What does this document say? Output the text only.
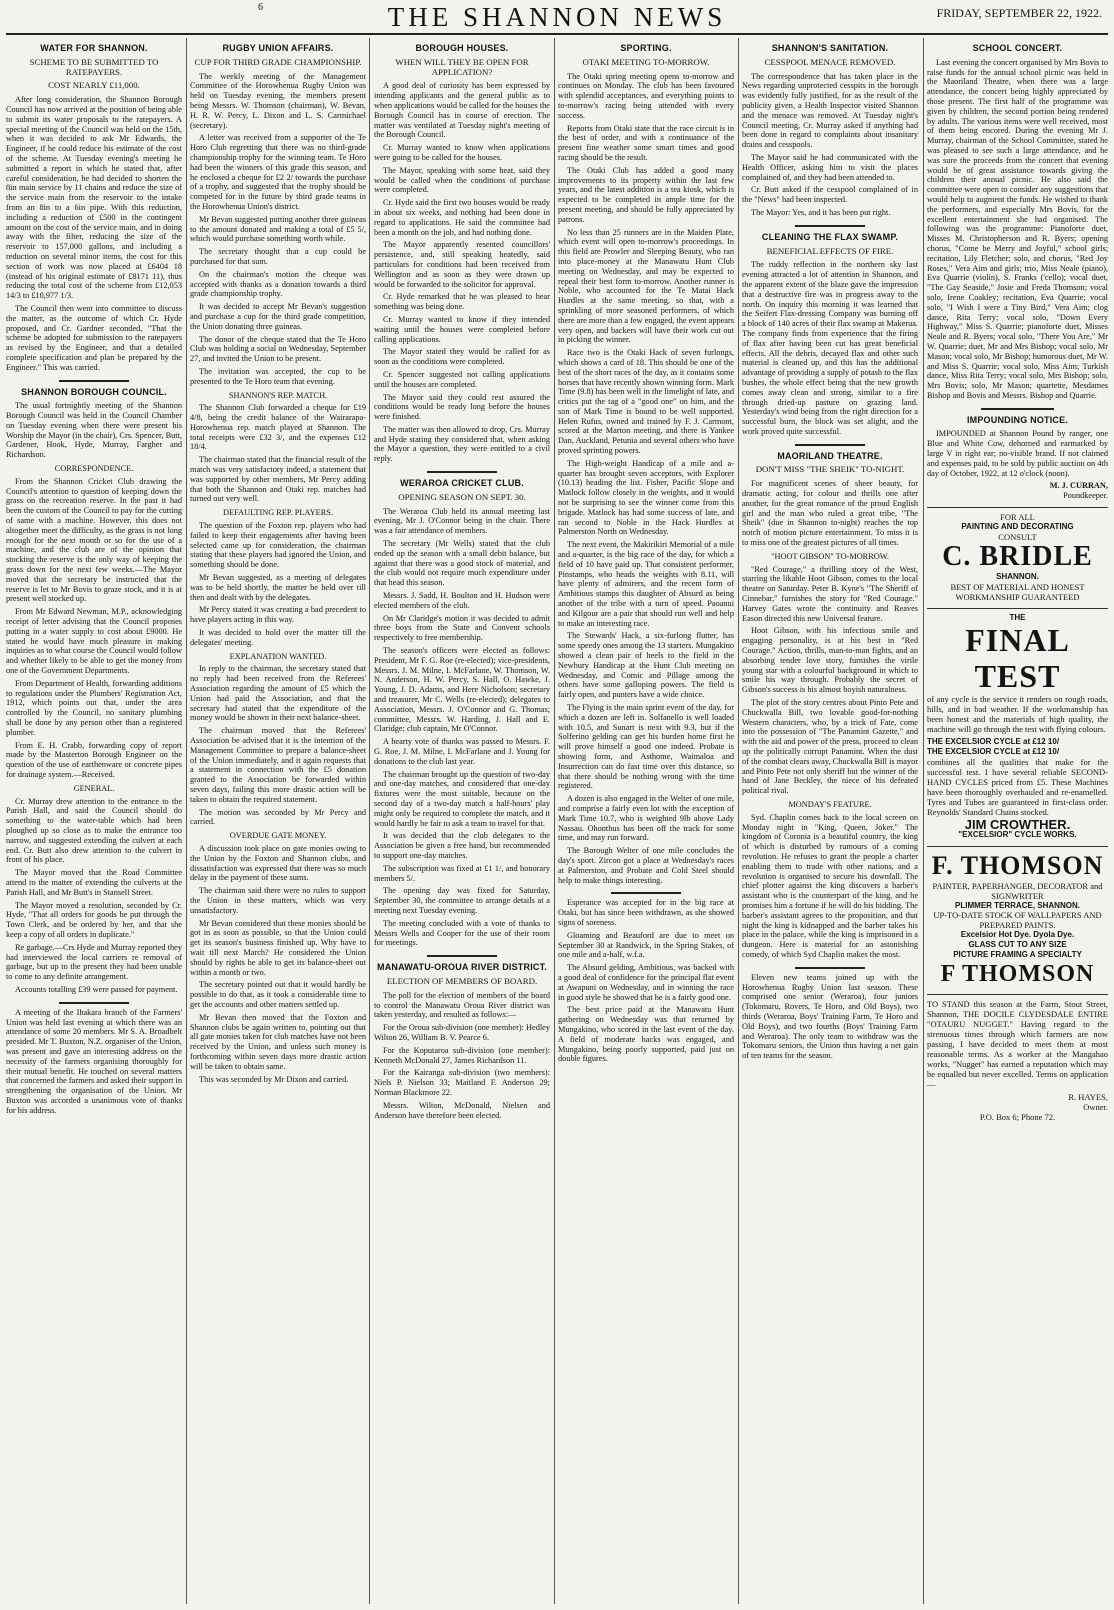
6	THE SHANNON NEWS	FRIDAY, SEPTEMBER 22, 1922.
WATER FOR SHANNON.
SCHEME TO BE SUBMITTED TO RATEPAYERS.
COST NEARLY £11,000.

After long consideration, the Shannon Borough Council has now arrived at the position of being able to submit its water proposals to the ratepayers. A special meeting of the Council was held on the 15th, when it was decided to ask Mr Edwards, the Engineer, if he could reduce his estimate of the cost of the scheme. At Tuesday evening's meeting he submitted a report in which he stated that, after careful consideration, he had decided to shorten the 8in main service by 11 chains and reduce the size of the service main from the reservoir to the intake from an 8in to a 6in pipe. With this reduction, including a reduction of £500 in the contingent amount on the cost of the service main, and in doing away with the filter, reducing the size of the reservoir to 157,000 gallons, and including a reduction on several minor items, the cost for this section of work was now placed at £6404 18 (instead of his original estimate of £8171 11), thus reducing the total cost of the scheme from £12,053 14/3 to £10,977 1/3.

The Council then went into committee to discuss the matter, as the outcome of which Cr. Hyde proposed, and Cr. Gardner seconded, "That the scheme be adopted for submission to the ratepayers as revised by the Engineer, and that a detailed complete specification and plan be prepared by the Engineer." This was carried.

SHANNON BOROUGH COUNCIL.

The usual fortnightly meeting of the Shannon Borough Council was held in the Council Chamber on Tuesday evening when there were present his Worship the Mayor (in the chair), Crs. Spencer, Butt, Gardener, Hook, Hyde, Murray, Fargher and Richardson.

CORRESPONDENCE.

From the Shannon Cricket Club drawing the Council's attention to question of keeping down the grass on the recreation reserve. In the past it had been the custom of the Council to pay for the cutting of same with a machine. However, this does not altogether meet the difficulty, as the grass is not long enough for the next month or so for the use of a machine, and the club are of the opinion that stocking the reserve is the only way of keeping the grass down for the next few weeks.—The Mayor moved that the secretary be instructed that the reserve is let to Mr Bovis to graze stock, and it is at present well stocked up.

From Mr Edward Newman, M.P., acknowledging receipt of letter advising that the Council proposes putting in a water supply to cost about £9000. He stated he would have much pleasure in making inquiries as to what course the Council would follow and whether likely to be able to get the money from one of the Government Departments.

From Department of Health, forwarding additions to regulations under the Plumbers' Registration Act, 1912, which points out that, under the area controlled by the Council, no sanitary plumbing shall be done by any person other than a registered plumber.

From E. H. Crabb, forwarding copy of report made by the Masterton Borough Engineer on the question of the use of earthenware or concrete pipes for drainage system.—Received.

GENERAL.

Cr. Murray drew attention to the entrance to the Parish Hall, and said the Council should do something to the water-table which had been ploughed up so close as to make the entrance too narrow, and suggested extending the culvert at each end. Cr. Butt also drew attention to the culvert in front of his place.

The Mayor moved that the Road Committee attend to the matter of extending the culverts at the Parish Hall, and Mr Butt's in Stansell Street.

The Mayor moved a resolution, seconded by Cr. Hyde, "That all orders for goods be put through the Town Clerk, and be ordered by her, and that she keep a copy of all orders in duplicate."

Re garbage.—Crs Hyde and Murray reported they had interviewed the local carriers re removal of garbage, but up to the present they had been unable to come to any definite arrangement.

Accounts totalling £39 were passed for payment.

A meeting of the Ihakara branch of the Farmers' Union was held last evening at which there was an attendance of some 20 members. Mr S. A. Broadbelt presided. Mr T. Buxton, N.Z. organiser of the Union, was present and gave an interesting address on the necessity of the farmers organising thoroughly for their mutual benefit. He touched on several matters that concerned the farmers and asked their support in strengthening the organisation of the Union. Mr Buxton was accorded a unanimous vote of thanks for his address.

RUGBY UNION AFFAIRS.
CUP FOR THIRD GRADE CHAMPIONSHIP.

The weekly meeting of the Management Committee of the Horowhenua Rugby Union was held on Tuesday evening, the members present being Messrs. W. Thomson (chairman), W. Bevan, H. R. W. Percy, L. Dixon and L. S. Carmichael (secretary).

A letter was received from a supporter of the Te Horo Club regretting that there was no third-grade championship trophy for the winning team. Te Horo had been the winners of this grade this season, and he enclosed a cheque for £2 2/ towards the purchase of a trophy, and suggested that the trophy should be competed for in the future by third grade teams in the Horowhenua Union's district.

Mr Bevan suggested putting another three guineas to the amount donated and making a total of £5 5/, which would purchase something worth while.

The secretary thought that a cup could be purchased for that sum.

On the chairman's motion the cheque was accepted with thanks as a donation towards a third grade championship trophy.

It was decided to accept Mr Bevan's suggestion and purchase a cup for the third grade competition, the Union donating three guineas.

The donor of the cheque stated that the Te Horo Club was holding a social on Wednesday, September 27, and invited the Union to be present.

The invitation was accepted, the cup to be presented to the Te Horo team that evening.

SHANNON'S REP. MATCH.

The Shannon Club forwarded a cheque for £19 4/8, being the credit balance of the Wairarapa-Horowhenua rep. match played at Shannon. The total receipts were £32 3/, and the expenses £12 18/4.

The chairman stated that the financial result of the match was very satisfactory indeed, a statement that was supported by other members, Mr Percy adding that both the Shannon and Otaki rep. matches had turned out very well.

DEFAULTING REP. PLAYERS.

The question of the Foxton rep. players who had failed to keep their engagements after having been selected came up for consideration, the chairman stating that these players had ignored the Union, and something should be done.

Mr Bevan suggested, as a meeting of delegates was to be held shortly, the matter be held over till then and dealt with by the delegates.

Mr Percy stated it was creating a bad precedent to have players acting in this way.

It was decided to hold over the matter till the delegates' meeting.

EXPLANATION WANTED.

In reply to the chairman, the secretary stated that no reply had been received from the Referees' Association regarding the amount of £5 which the Union had paid the Association, and that the secretary had stated that the expenditure of the money would be shown in their next balance-sheet.

The chairman moved that the Referees' Association be advised that it is the intention of the Management Committee to prepare a balance-sheet of the Union immediately, and it again requests that a statement in connection with the £5 donation granted to the Association be forwarded within seven days, failing this more drastic action will be taken to obtain the required statement.

The motion was seconded by Mr Percy and carried.

OVERDUE GATE MONEY.

A discussion took place on gate monies owing to the Union by the Foxton and Shannon clubs, and dissatisfaction was expressed that there was so much delay in the payment of these sums.

The chairman said there were no rules to support the Union in these matters, which was very unsatisfactory.

Mr Bevan considered that these monies should be got in as soon as possible, so that the Union could get its season's business finished up. Why have to wait till next March? He considered the Union should by rights be able to get its balance-sheet out within a month or two.

The secretary pointed out that it would hardly be possible to do that, as it took a considerable time to get the accounts and other matters settled up.

Mr Bevan then moved that the Foxton and Shannon clubs be again written to, pointing out that all gate monies taken for club matches have not been received by the Union, and unless such money is forthcoming within seven days more drastic action will be taken to obtain same.

This was seconded by Mr Dixon and carried.

BOROUGH HOUSES.
WHEN WILL THEY BE OPEN FOR APPLICATION?

A good deal of curiosity has been expressed by intending applicants and the general public as to when applications would be called for the houses the Borough Council has in course of erection. The matter was ventilated at Tuesday night's meeting of the Borough Council.

Cr. Murray wanted to know when applications were going to be called for the houses.

The Mayor, speaking with some heat, said they would be called when the conditions of purchase were completed.

Cr. Hyde said the first two houses would be ready in about six weeks, and nothing had been done in regard to applications. He said the committee had been a month on the job, and had nothing done.

The Mayor apparently resented councillors' persistence, and, still speaking heatedly, said particulars for conditions had been received from Wellington and as soon as they were drawn up would be forwarded to the solicitor for approval.

Cr. Hyde remarked that he was pleased to hear something was being done.

Cr. Murray wanted to know if they intended waiting until the houses were completed before calling applications.

The Mayor stated they would be called for as soon as the conditions were completed.

Cr. Spencer suggested not calling applications until the houses are completed.

The Mayor said they could rest assured the conditions would be ready long before the houses were finished.

The matter was then allowed to drop, Crs. Murray and Hyde stating they considered that, when asking the Mayor a question, they were entitled to a civil reply.

WERAROA CRICKET CLUB.
OPENING SEASON ON SEPT. 30.

The Weraroa Club held its annual meeting last evening, Mr J. O'Connor being in the chair. There was a fair attendance of members.

The secretary (Mr Wells) stated that the club ended up the season with a small debit balance, but against that there was a good stock of material, and the club would not require much expenditure under that head this season.

Messrs. J. Sadd, H. Boulton and H. Hudson were elected members of the club.

On Mr Claridge's motion it was decided to admit three boys from the State and Convent schools respectively to free membership.

The season's officers were elected as follows: President, Mr F. G. Roe (re-elected); vice-presidents, Messrs. J. M. Milne, I. McFarlane, W. Thomson, W. N. Anderson, H. W. Percy, S. Hall, O. Hawke, J. Young, J. D. Adams, and Here Nicholson; secretary and treasurer, Mr C. Wells (re-elected); delegates to Association, Messrs. J. O'Connor and G. Thomas; committee, Messrs. W. Harding, J. Hall and E. Claridge; club captain, Mr O'Connor.

A hearty vote of thanks was passed to Messrs. F. G. Roe, J. M. Milne, I. McFarlane and J. Young for donations to the club last year.

The chairman brought up the question of two-day and one-day matches, and considered that one-day fixtures were the most suitable, because on the second day of a two-day match a half-hours' play might only be required to complete the match, and it would hardly be fair to ask a team to travel for that.

It was decided that the club delegates to the Association be given a free hand, but recommended to support one-day matches.

The subscription was fixed at £1 1/, and honorary members 5/.

The opening day was fixed for Saturday, September 30, the committee to arrange details at a meeting next Tuesday evening.

The meeting concluded with a vote of thanks to Messrs Wells and Cooper for the use of their room for meetings.

MANAWATU-OROUA RIVER DISTRICT.
ELECTION OF MEMBERS OF BOARD.

The poll for the election of members of the board to control the Manawatu Oroua River district was taken yesterday, and resulted as follows:—

For the Oroua sub-division (one member): Hedley Wilton 26, William B. V. Pearce 6.

For the Koputaroa sub-division (one member): Kenneth McDonald 27, James Richardson 11.

For the Kairanga sub-division (two members): Niels P. Nielson 33; Maitland F. Anderson 29; Norman Blackmore 22.

Messrs. Wilton, McDonald, Nielsen and Anderson have therefore been elected.

SPORTING.
OTAKI MEETING TO-MORROW.

The Otaki spring meeting opens to-morrow and continues on Monday. The club has been favoured with splendid acceptances, and everything points to to-morrow's racing being attended with every success.

Reports from Otaki state that the race circuit is in the best of order, and with a continuance of the present fine weather some smart times and good racing should be the result.

The Otaki Club has added a good many improvements to its property within the last few years, and the latest addition is a tea kiosk, which is expected to be completed in ample time for the present meeting, and should be fully appreciated by patrons.

No less than 25 runners are in the Maiden Plate, which event will open to-morrow's proceedings. In this field are Prowler and Sleeping Beauty, who ran into place-money at the Manawatu Hunt Club meeting on Wednesday, and may be expected to repeal their best form to-morrow. Another runner is Noble, who accounted for the Te Matai Hack Hurdles at the same meeting, so that, with a sprinkling of more seasoned performers, of which there are more than a few engaged, the event appears very open, and backers will have their work cut out in picking the winner.

Race two is the Otaki Hack of seven furlongs, which shows a card of 18. This should be one of the best of the short races of the day, as it contains some horses that have recently shown winning form. Mark Time (9.8) has been well in the limelight of late, and critics put the tag of a "good one" on him, and the son of Mark Time is bound to be well supported. Helen Rufus, owned and trained by F. J. Carmont, scored at the Marton meeting, and there is Yankee Dan, Auckland, Petunia and several others who have proved sprinting powers.

The High-weight Handicap of a mile and a-quarter has brought seven acceptors, with Explorer (10.13) heading the list. Fisher, Pacific Slope and Matlock follow closely in the weights, and it would not be surprising to see the winner come from this brigade. Matlock has had some success of late, and ran second to Noble in the Hack Hurdles at Palmerston North on Wednesday.

The next event, the Makirikiri Memorial of a mile and a-quarter, is the big race of the day, for which a field of 10 have paid up. That consistent performer, Pinstamps, who heads the weights with 8.11, will have plenty of admirers, and the recent form of Ambitious stamps this daughter of Absurd as being another of the tribe with a turn of speed. Paoanui and Kilgour are a pair that should run well and help to make an interesting race.

The Stewards' Hack, a six-furlong flutter, has some speedy ones among the 13 starters. Mungakino showed a clean pair of heels to the field in the Newbury Handicap at the Hunt Club meeting on Wednesday, and Comic and Pillage among the others have some galloping powers. The field is fairly open, and punters have a wide choice.

The Flying is the main sprint event of the day, for which a dozen are left in. Solfanello is well loaded with 10.5, and Sunart is next with 9.3, but if the Solferino gelding can get his burden home first he will prove himself a good one indeed. Probate is showing form, and Asthome, Waimaloa and Insurrection can do fast time over this distance, so that there should be nothing wrong with the time registered.

A dozen is also engaged in the Welter of one mile, and comprise a fairly even lot with the exception of Mark Time 10.7, who is weighted 9lb above Lady Nassau. Ohonthus has been off the track for some time, and may run forward.

The Borough Welter of one mile concludes the day's sport. Zircon got a place at Wednesday's races at Palmerston, and Probate and Cold Steel should help to make things interesting.

Esperance was accepted for in the big race at Otaki, but has since been withdrawn, as she showed signs of soreness.

Gloaming and Beauford are due to meet on September 30 at Randwick, in the Spring Stakes, of one mile and a-half, w.f.a.

The Absurd gelding, Ambitious, was backed with a good deal of confidence for the principal flat event at Awapuni on Wednesday, and in winning the race in good style he showed that he is a fairly good one.

The best price paid at the Manawatu Hunt gathering on Wednesday was that returned by Mungakino, who scored in the last event of the day. A field of moderate hacks was engaged, and Mungakino, being poorly supported, paid just on double figures.

SHANNON'S SANITATION.
CESSPOOL MENACE REMOVED.

The correspondence that has taken place in the News regarding unprotected cesspits in the borough was evidently fully justified, for as the result of the publicity given, a Health Inspector visited Shannon and the menace was removed. At Tuesday night's Council meeting, Cr. Murray asked if anything had been done in regard to complaints about insanitary drains and cesspools.

The Mayor said he had communicated with the Health Officer, asking him to visit the places complained of, and they had been attended to.

Cr. Butt asked if the cesspool complained of in the "News" had been inspected.

The Mayor: Yes, and it has been put right.

CLEANING THE FLAX SWAMP.
BENEFICIAL EFFECTS OF FIRE.

The ruddy reflection in the northern sky last evening attracted a lot of attention in Shannon, and the apparent extent of the blaze gave the impression that a destructive fire was in progress away to the north. On inquiry this morning it was learned that the Seifert Flax-dressing Company was burning off a block of 140 acres of their flax swamp at Makerua. The company finds from experience that the firing of flax after having been cut has great beneficial effects. All the debris, decayed flax and other such material is cleaned up, and this has the additional advantage of providing a supply of potash to the flax bushes, the whole effect being that the new growth comes away clean and strong, similar to a fire through dried-up pasture on grazing land. Yesterday's wind being from the right direction for a successful burn, the block was set alight, and the work proved quite successful.

MAORILAND THEATRE.
DON'T MISS "THE SHEIK" TO-NIGHT.

For magnificent scenes of sheer beauty, for dramatic acting, for colour and thrills one after another, for the great romance of the proud English girl and the man who ruled a great tribe, "The Sheik" (due in Shannon to-night) reaches the top notch of motion picture entertainment. To miss it is to miss one of the greatest pictures of all times.

"HOOT GIBSON" TO-MORROW.

"Red Courage," a thrilling story of the West, starring the likable Hoot Gibson, comes to the local theatre on Saturday. Peter B. Kyne's "The Sheriff of Cinnebar," furnishes the story for "Red Courage." Harvey Gates wrote the continuity and Reaves Eason directed this new Universal feature.

Hoot Gibson, with his infectious smile and engaging personality, is at his best in "Red Courage." Action, thrills, man-to-man fights, and an absorbing tender love story, furnishes the virile young star with a colourful background in which to smile his way through. Probably the secret of Gibson's success is his almost boyish naturalness.

The plot of the story centres about Pinto Pete and Chuckwalla Bill, two lovable good-for-nothing Western characters, who, by a trick of Fate, come into the possession of "The Panamint Gazette," and with the aid and power of the press, proceed to clean up the politically corrupt Panamint. When the dust of the combat clears away, Chuckwalla Bill is mayor and Pinto Pete not only sheriff but the winner of the hand of Jane Beckley, the niece of his defeated political rival.

MONDAY'S FEATURE.

Syd. Chaplin comes back to the local screen on Monday night in "King, Queen, Joker." The kingdom of Coronia is a beautiful country, the king of which is disturbed by rumours of a coming revolution. He refuses to grant the people a charter enabling them to trade with other nations, and a revolution is organised to secure his downfall. The chief plotter against the king discovers a barber's assistant who is the counterpart of the king, and he promises him a fortune if he will do his bidding. The barber's assistant agrees to the proposition, and that night the king is kidnapped and the barber takes his place in the palace, while the king is imprisoned in a dungeon. Here is material for an astonishing comedy, of which Syd Chaplin makes the most.

Eleven new teams joined up with the Horowhenua Rugby Union last season. These comprised one senior (Weraroa), four juniors (Tokomaru, Rovers, Te Horo, and Old Boys), two thirds (Weraroa, Boys' Training Farm, Te Horo and Old Boys), and two fourths (Boys' Training Farm and Weraroa). The only team to withdraw was the Tokomaru seniors, the Union thus having a net gain of ten teams for the season.

SCHOOL CONCERT.

Last evening the concert organised by Mrs Bovis to raise funds for the annual school picnic was held in the Maoriland Theatre, when there was a large attendance, the concert being highly appreciated by those present. The first half of the programme was given by children, the second portion being rendered by adults. The various items were well received, most of them being encored. During the evening Mr J. Murray, chairman of the School Committee, stated he was pleased to see such a large attendance, and he was sure the proceeds from the concert that evening would be of great assistance towards giving the children their annual picnic. He also said the committee were open to consider any suggestions that would help to augment the funds. He wished to thank the performers, and especially Mrs Bovis, for the excellent entertainment she had organised. The following was the programme: Pianoforte duet, Misses M. Christopherson and R. Byers; opening chorus, "Come be Merry and Joyful," school girls; recitation, Lily Fletcher; solo, and chorus, "Red Joy Roses," Vera Aim and girls; trio, Miss Neale (piano), Eva Quarrie (violin), S. Franks ('cello); vocal duet, "The Gay Seaside," Josie and Freda Thomson; vocal solo, Irene Coakley; recitation, Eva Quarrie; vocal solo, "I Wish I were a Tiny Bird," Vera Aim; clog dance, Rita Terry; vocal solo, "Down Every Highway," Miss S. Quarrie; pianoforte duet, Misses Neale and R. Byers; vocal solo, "There You Are," Mr W. Quarrie; duet, Mr and Mrs Bishop; vocal solo, Mr Mason; vocal solo, Mr Bishop; humorous duet, Mr W. and Miss S. Quarrie; vocal solo, Miss Aim; Turkish dance, Miss Rita Terry; vocal solo, Mrs Bishop; solo, Mrs Bovis; solo, Mr Mason; quartette, Mesdames Bishop and Bovis and Messrs. Bishop and Quarrie.

IMPOUNDING NOTICE.

IMPOUNDED at Shannon Pound by ranger, one Blue and White Cow, dehorned and earmarked by large V in right ear; no-visible brand. If not claimed and expenses paid, to be sold by public auction on 4th day of October, 1922, at 12 o'clock (noon).

M. J. CURRAN,
Poundkeeper.
FOR ALL
PAINTING AND DECORATING
CONSULT
C. BRIDLE
SHANNON.
BEST OF MATERIAL AND HONEST WORKMANSHIP GUARANTEED
THE
FINAL TEST

of any cycle is the service it renders on rough roads, hills, and in bad weather. If the workmanship has been honest and the materials of high quality, the machine will go through the test with flying colours.

THE EXCELSIOR CYCLE at £12 10/
THE EXCELSIOR CYCLE at £12 10/

combines all the qualities that make for the successful test. I have several reliable SECOND-HAND CYCLES priced from £5. These Machines have been thoroughly overhauled and re-enamelled. Tyres and Tubes are guaranteed in first-class order. Reynolds' Standard Chains stocked.

JIM CROWTHER.
"EXCELSIOR" CYCLE WORKS.
F. THOMSON
PAINTER, PAPERHANGER, DECORATOR and SIGNWRITER
PLIMMER TERRACE, SHANNON.
UP-TO-DATE STOCK OF WALLPAPERS AND PREPARED PAINTS.
Excelsior Hot Dye. Dyola Dye.
GLASS CUT TO ANY SIZE
PICTURE FRAMING A SPECIALTY
F THOMSON

TO STAND this season at the Farm, Stout Street, Shannon, THE DOCILE CLYDESDALE ENTIRE "OTAURU NUGGET." Having regard to the strenuous times through which farmers are now passing, I have decided to meet them at most reasonable terms. As a worker at the Mangahao works, "Nugget" has earned a reputation which may be equalled but never excelled. Terms on application—

R. HAYES,
Owner.
P.O. Box 6; Phone 72.
